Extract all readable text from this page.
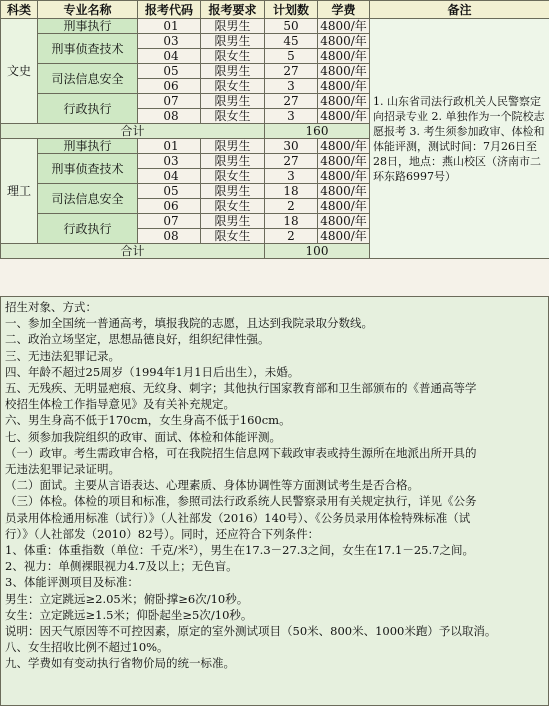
科类	专业名称	报考代码	报考要求	计划数	学费	备注
文史	刑事执行	01	限男生	50	4800/年	1. 山东省司法行政机关人民警察定向招录专业 2. 单独作为一个院校志愿报考 3. 考生须参加政审、体检和体能评测，测试时间：7月26日至28日，地点：燕山校区（济南市二环东路6997号）
	刑事侦查技术	03	限男生	45	4800/年	
		04	限女生	5	4800/年	
	司法信息安全	05	限男生	27	4800/年	
		06	限女生	3	4800/年	
	行政执行	07	限男生	27	4800/年	
		08	限女生	3	4800/年	
合计				160		
理工	刑事执行	01	限男生	30	4800/年	
	刑事侦查技术	03	限男生	27	4800/年	
		04	限女生	3	4800/年	
	司法信息安全	05	限男生	18	4800/年	
		06	限女生	2	4800/年	
	行政执行	07	限男生	18	4800/年	
		08	限女生	2	4800/年	
合计				100		

招生对象、方式：

一、参加全国统一普通高考，填报我院的志愿，且达到我院录取分数线。

二、政治立场坚定，思想品德良好，组织纪律性强。

三、无违法犯罪记录。

四、年龄不超过25周岁（1994年1月1日后出生），未婚。

五、无残疾、无明显疤痕、无纹身、刺字；其他执行国家教育部和卫生部颁布的《普通高等学

校招生体检工作指导意见》及有关补充规定。

六、男生身高不低于170cm，女生身高不低于160cm。

七、须参加我院组织的政审、面试、体检和体能评测。

（一）政审。考生需政审合格，可在我院招生信息网下载政审表或持生源所在地派出所开具的

无违法犯罪记录证明。

（二）面试。主要从言语表达、心理素质、身体协调性等方面测试考生是否合格。

（三）体检。体检的项目和标准，参照司法行政系统人民警察录用有关规定执行，详见《公务

员录用体检通用标准（试行）》（人社部发（2016）140号）、《公务员录用体检特殊标准（试

行）》（人社部发（2010）82号）。同时，还应符合下列条件：

1、体重：体重指数（单位：千克/米²），男生在17.3－27.3之间，女生在17.1－25.7之间。

2、视力：单侧裸眼视力4.7及以上；无色盲。

3、体能评测项目及标准：

男生：立定跳远≥2.05米；俯卧撑≥6次/10秒。

女生：立定跳远≥1.5米；仰卧起坐≥5次/10秒。

说明：因天气原因等不可控因素，原定的室外测试项目（50米、800米、1000米跑）予以取消。

八、女生招收比例不超过10%。

九、学费如有变动执行省物价局的统一标准。
